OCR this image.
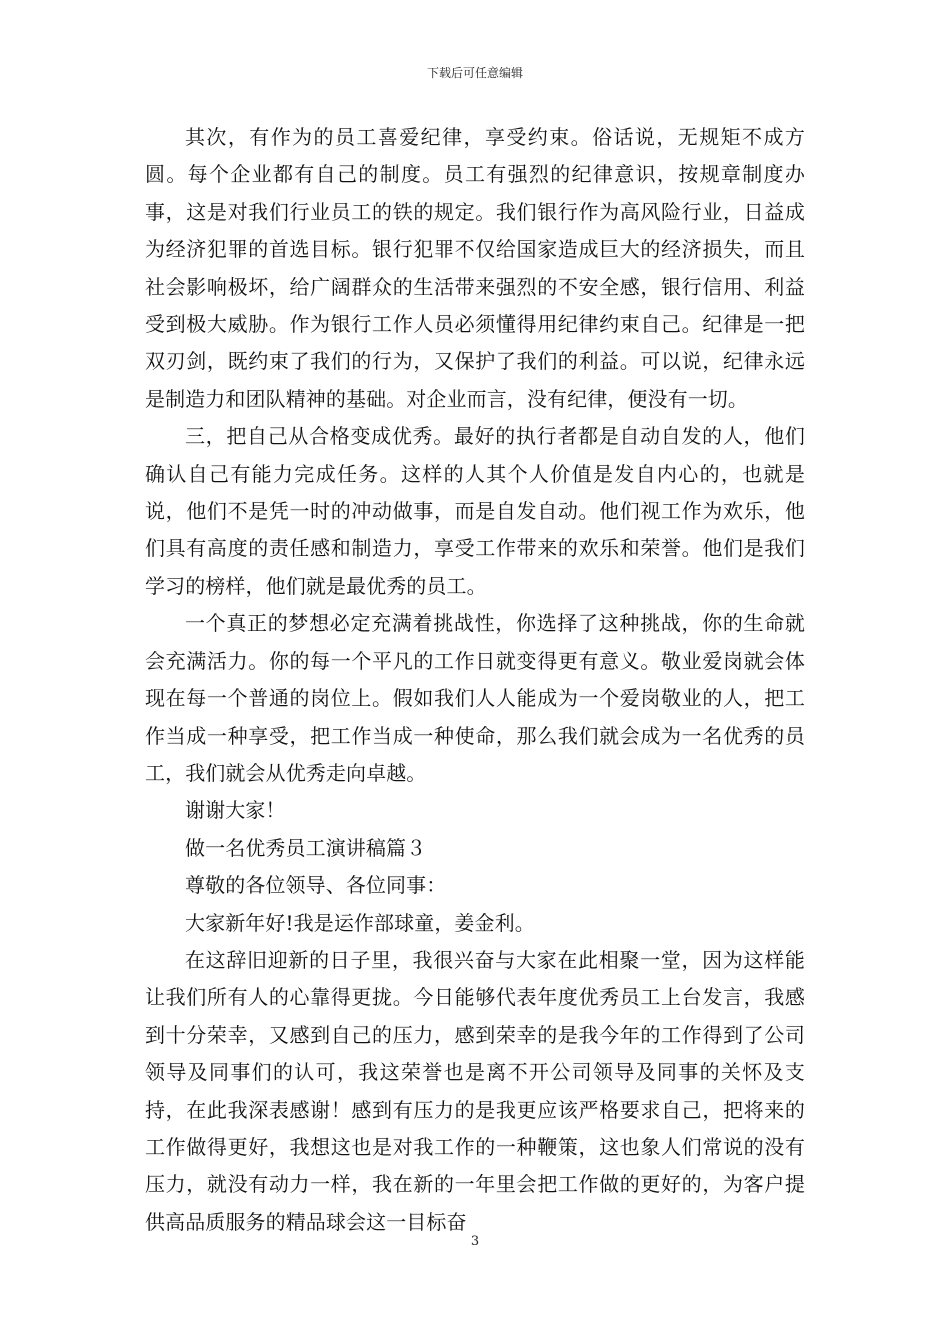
下载后可任意编辑

其次，有作为的员工喜爱纪律，享受约束。俗话说，无规矩不成方圆。每个企业都有自己的制度。员工有强烈的纪律意识，按规章制度办事，这是对我们行业员工的铁的规定。我们银行作为高风险行业，日益成为经济犯罪的首选目标。银行犯罪不仅给国家造成巨大的经济损失，而且社会影响极坏，给广阔群众的生活带来强烈的不安全感，银行信用、利益受到极大威胁。作为银行工作人员必须懂得用纪律约束自己。纪律是一把双刃剑，既约束了我们的行为，又保护了我们的利益。可以说，纪律永远是制造力和团队精神的基础。对企业而言，没有纪律，便没有一切。

三，把自己从合格变成优秀。最好的执行者都是自动自发的人，他们确认自己有能力完成任务。这样的人其个人价值是发自内心的，也就是说，他们不是凭一时的冲动做事，而是自发自动。他们视工作为欢乐，他们具有高度的责任感和制造力，享受工作带来的欢乐和荣誉。他们是我们学习的榜样，他们就是最优秀的员工。

一个真正的梦想必定充满着挑战性，你选择了这种挑战，你的生命就会充满活力。你的每一个平凡的工作日就变得更有意义。敬业爱岗就会体现在每一个普通的岗位上。假如我们人人能成为一个爱岗敬业的人，把工作当成一种享受，把工作当成一种使命，那么我们就会成为一名优秀的员工，我们就会从优秀走向卓越。

谢谢大家！

做一名优秀员工演讲稿篇３

尊敬的各位领导、各位同事：

大家新年好!我是运作部球童，姜金利。

在这辞旧迎新的日子里，我很兴奋与大家在此相聚一堂，因为这样能让我们所有人的心靠得更拢。今日能够代表年度优秀员工上台发言，我感到十分荣幸，又感到自己的压力，感到荣幸的是我今年的工作得到了公司领导及同事们的认可，我这荣誉也是离不开公司领导及同事的关怀及支持，在此我深表感谢！感到有压力的是我更应该严格要求自己，把将来的工作做得更好，我想这也是对我工作的一种鞭策，这也象人们常说的没有压力，就没有动力一样，我在新的一年里会把工作做的更好的，为客户提供高品质服务的精品球会这一目标奋

3
